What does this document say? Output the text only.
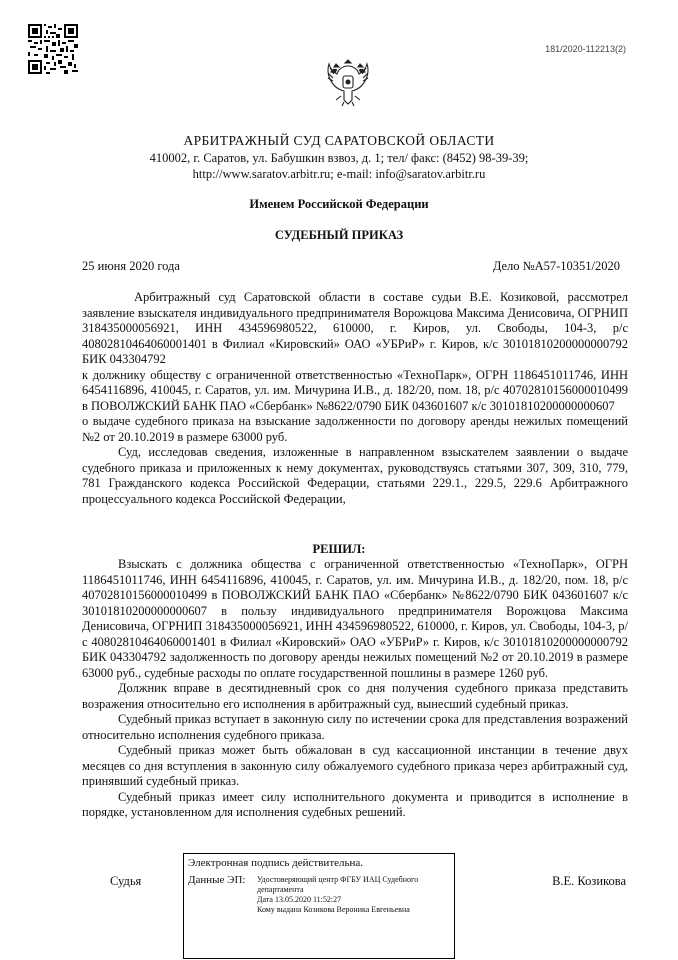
181/2020-112213(2)
АРБИТРАЖНЫЙ СУД САРАТОВСКОЙ ОБЛАСТИ
410002, г. Саратов, ул. Бабушкин взвоз, д. 1; тел/ факс: (8452) 98-39-39;
http://www.saratov.arbitr.ru; e-mail: info@saratov.arbitr.ru
Именем Российской Федерации
СУДЕБНЫЙ ПРИКАЗ
25 июня 2020 года	Дело №А57-10351/2020

Арбитражный суд Саратовской области в составе судьи В.Е. Козиковой, рассмотрел заявление взыскателя индивидуального предпринимателя Ворожцова Максима Денисовича, ОГРНИП 318435000056921, ИНН 434596980522, 610000, г. Киров, ул. Свободы, 104-3, р/с 40802810464060001401 в Филиал «Кировский» ОАО «УБРиР» г. Киров, к/с 30101810200000000792 БИК 043304792

к должнику обществу с ограниченной ответственностью «ТехноПарк», ОГРН 1186451011746, ИНН 6454116896, 410045, г. Саратов, ул. им. Мичурина И.В., д. 182/20, пом. 18, р/с 40702810156000010499 в ПОВОЛЖСКИЙ БАНК ПАО «Сбербанк» №8622/0790 БИК 043601607 к/с 30101810200000000607

о выдаче судебного приказа на взыскание задолженности по договору аренды нежилых помещений №2 от 20.10.2019 в размере 63000 руб.

Суд, исследовав сведения, изложенные в направленном взыскателем заявлении о выдаче судебного приказа и приложенных к нему документах, руководствуясь статьями 307, 309, 310, 779, 781 Гражданского кодекса Российской Федерации, статьями 229.1., 229.5, 229.6 Арбитражного процессуального кодекса Российской Федерации,

РЕШИЛ:

Взыскать с должника общества с ограниченной ответственностью «ТехноПарк», ОГРН 1186451011746, ИНН 6454116896, 410045, г. Саратов, ул. им. Мичурина И.В., д. 182/20, пом. 18, р/с 40702810156000010499 в ПОВОЛЖСКИЙ БАНК ПАО «Сбербанк» №8622/0790 БИК 043601607 к/с 30101810200000000607 в пользу индивидуального предпринимателя Ворожцова Максима Денисовича, ОГРНИП 318435000056921, ИНН 434596980522, 610000, г. Киров, ул. Свободы, 104-3, р/с 40802810464060001401 в Филиал «Кировский» ОАО «УБРиР» г. Киров, к/с 30101810200000000792 БИК 043304792 задолженность по договору аренды нежилых помещений №2 от 20.10.2019 в размере 63000 руб., судебные расходы по оплате государственной пошлины в размере 1260 руб.

Должник вправе в десятидневный срок со дня получения судебного приказа представить возражения относительно его исполнения в арбитражный суд, вынесший судебный приказ.

Судебный приказ вступает в законную силу по истечении срока для представления возражений относительно исполнения судебного приказа.

Судебный приказ может быть обжалован в суд кассационной инстанции в течение двух месяцев со дня вступления в законную силу обжалуемого судебного приказа через арбитражный суд, принявший судебный приказ.

Судебный приказ имеет силу исполнительного документа и приводится в исполнение в порядке, установленном для исполнения судебных решений.

Судья	В.Е. Козикова
Электронная подпись действительна.
Данные ЭП: Удостоверяющий центр ФГБУ ИАЦ Судебного департамента
Дата 13.05.2020 11:52:27
Кому выдана Козикова Вероника Евгеньевна
